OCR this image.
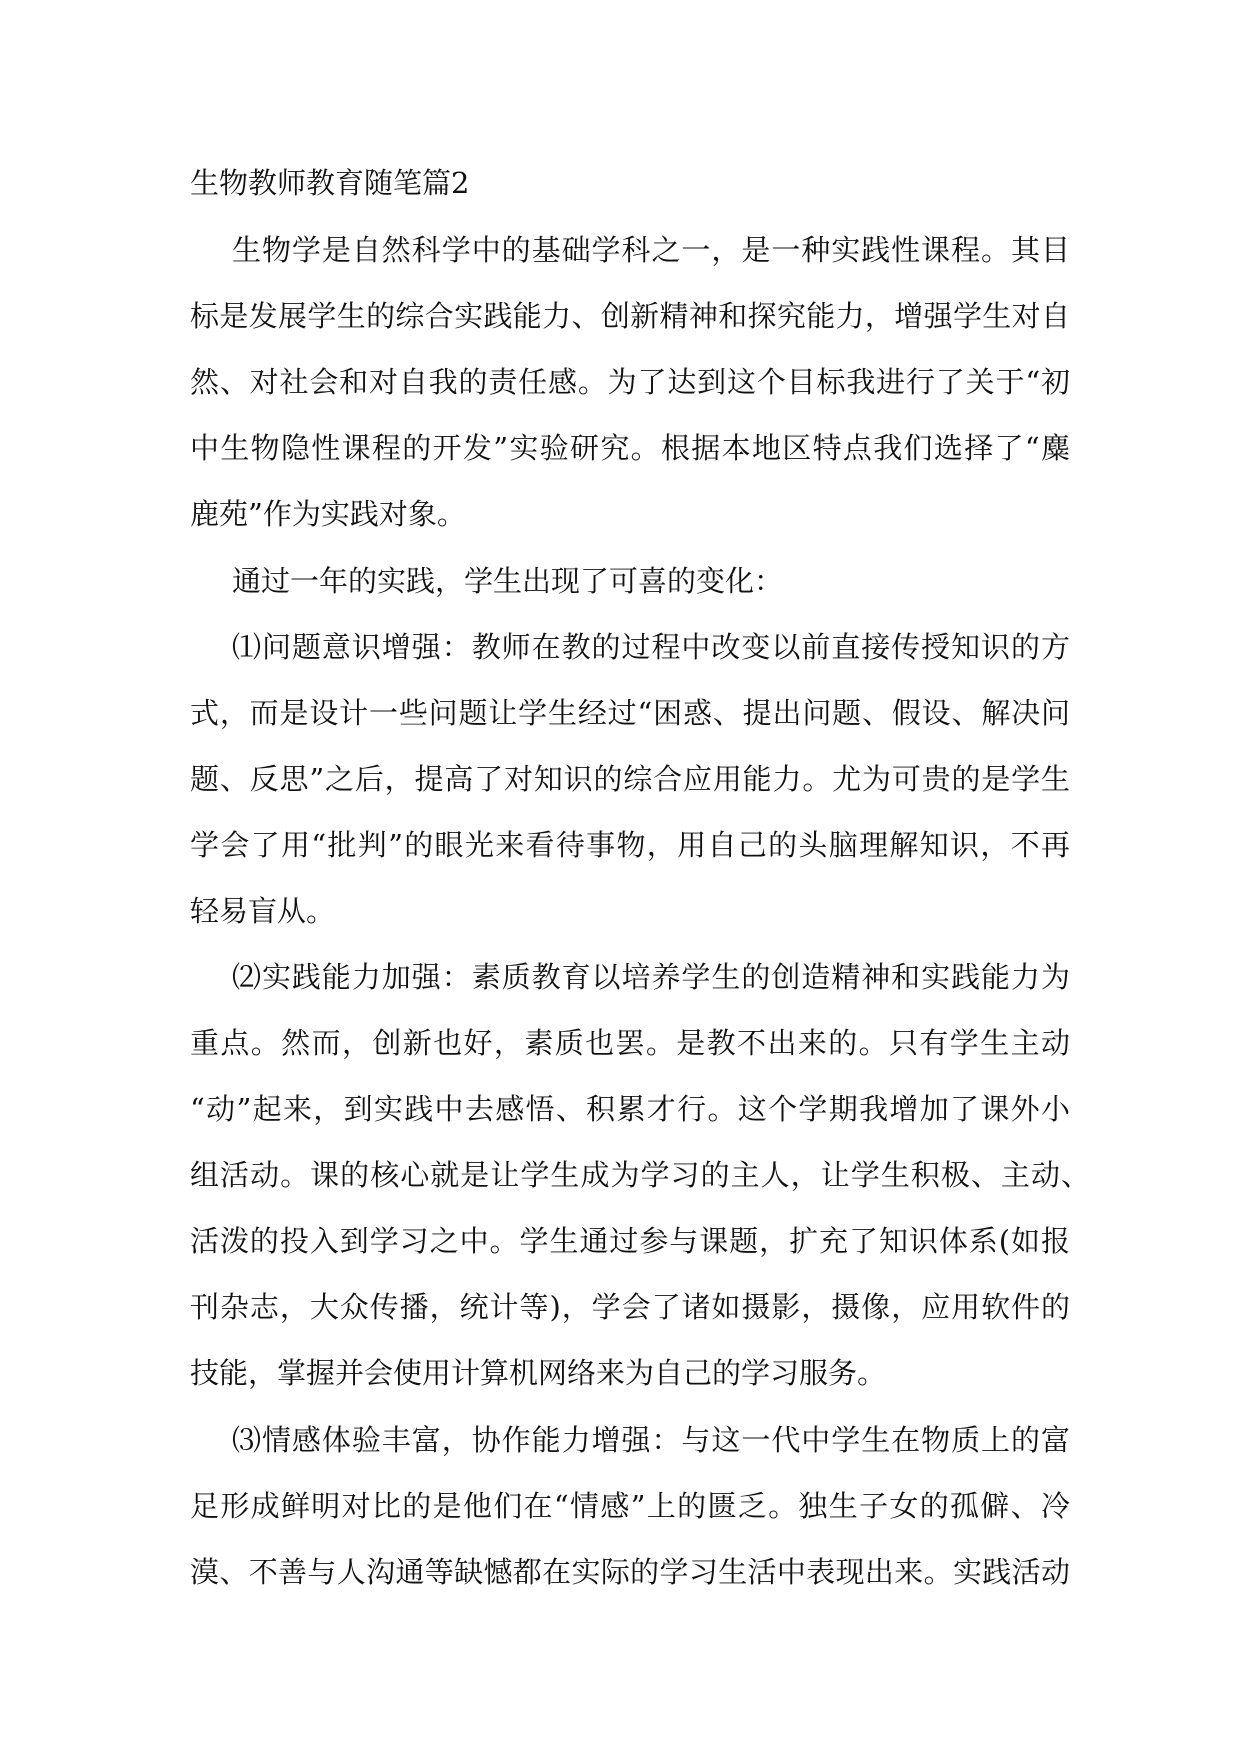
生物教师教育随笔篇2
生物学是自然科学中的基础学科之一，是一种实践性课程。其目
标是发展学生的综合实践能力、创新精神和探究能力，增强学生对自
然、对社会和对自我的责任感。为了达到这个目标我进行了关于“初
中生物隐性课程的开发”实验研究。根据本地区特点我们选择了“麋
鹿苑”作为实践对象。
通过一年的实践，学生出现了可喜的变化：
⑴问题意识增强：教师在教的过程中改变以前直接传授知识的方
式，而是设计一些问题让学生经过“困惑、提出问题、假设、解决问
题、反思”之后，提高了对知识的综合应用能力。尤为可贵的是学生
学会了用“批判”的眼光来看待事物，用自己的头脑理解知识，不再
轻易盲从。
⑵实践能力加强：素质教育以培养学生的创造精神和实践能力为
重点。然而，创新也好，素质也罢。是教不出来的。只有学生主动
“动”起来，到实践中去感悟、积累才行。这个学期我增加了课外小
组活动。课的核心就是让学生成为学习的主人，让学生积极、主动、
活泼的投入到学习之中。学生通过参与课题，扩充了知识体系(如报
刊杂志，大众传播，统计等)，学会了诸如摄影，摄像，应用软件的
技能，掌握并会使用计算机网络来为自己的学习服务。
⑶情感体验丰富，协作能力增强：与这一代中学生在物质上的富
足形成鲜明对比的是他们在“情感”上的匮乏。独生子女的孤僻、冷
漠、不善与人沟通等缺憾都在实际的学习生活中表现出来。实践活动
